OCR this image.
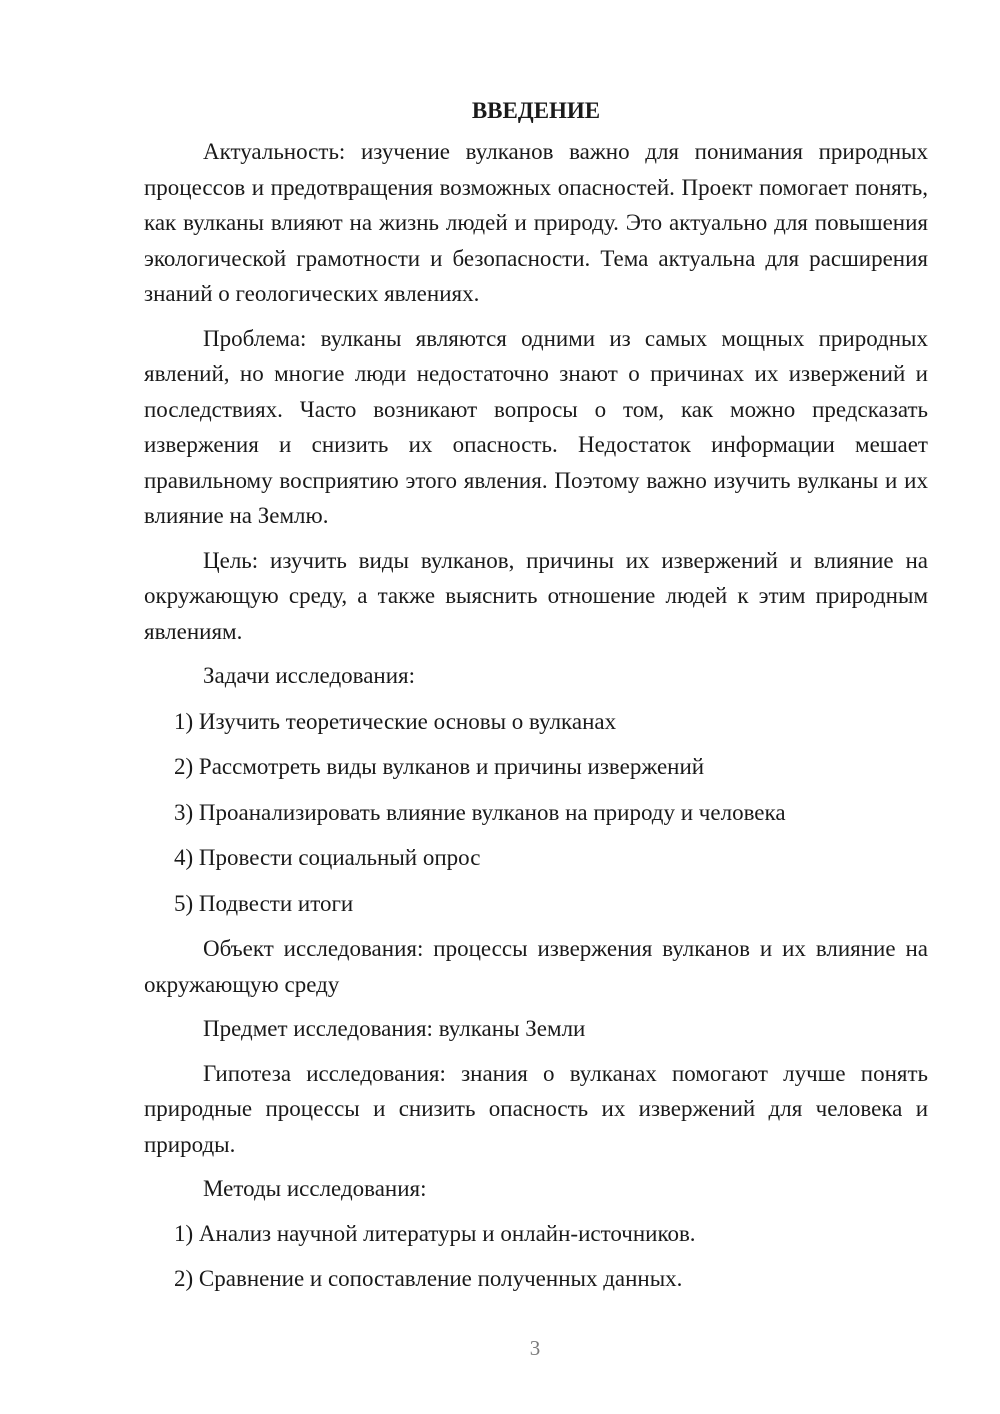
ВВЕДЕНИЕ

Актуальность: изучение вулканов важно для понимания природных процессов и предотвращения возможных опасностей. Проект помогает понять, как вулканы влияют на жизнь людей и природу. Это актуально для повышения экологической грамотности и безопасности. Тема актуальна для расширения знаний о геологических явлениях.

Проблема: вулканы являются одними из самых мощных природных явлений, но многие люди недостаточно знают о причинах их извержений и последствиях. Часто возникают вопросы о том, как можно предсказать извержения и снизить их опасность. Недостаток информации мешает правильному восприятию этого явления. Поэтому важно изучить вулканы и их влияние на Землю.

Цель: изучить виды вулканов, причины их извержений и влияние на окружающую среду, а также выяснить отношение людей к этим природным явлениям.

Задачи исследования:

1) Изучить теоретические основы о вулканах

2) Рассмотреть виды вулканов и причины извержений

3) Проанализировать влияние вулканов на природу и человека

4) Провести социальный опрос

5) Подвести итоги

Объект исследования: процессы извержения вулканов и их влияние на окружающую среду

Предмет исследования: вулканы Земли

Гипотеза исследования: знания о вулканах помогают лучше понять природные процессы и снизить опасность их извержений для человека и природы.

Методы исследования:

1) Анализ научной литературы и онлайн-источников.

2) Сравнение и сопоставление полученных данных.

3
